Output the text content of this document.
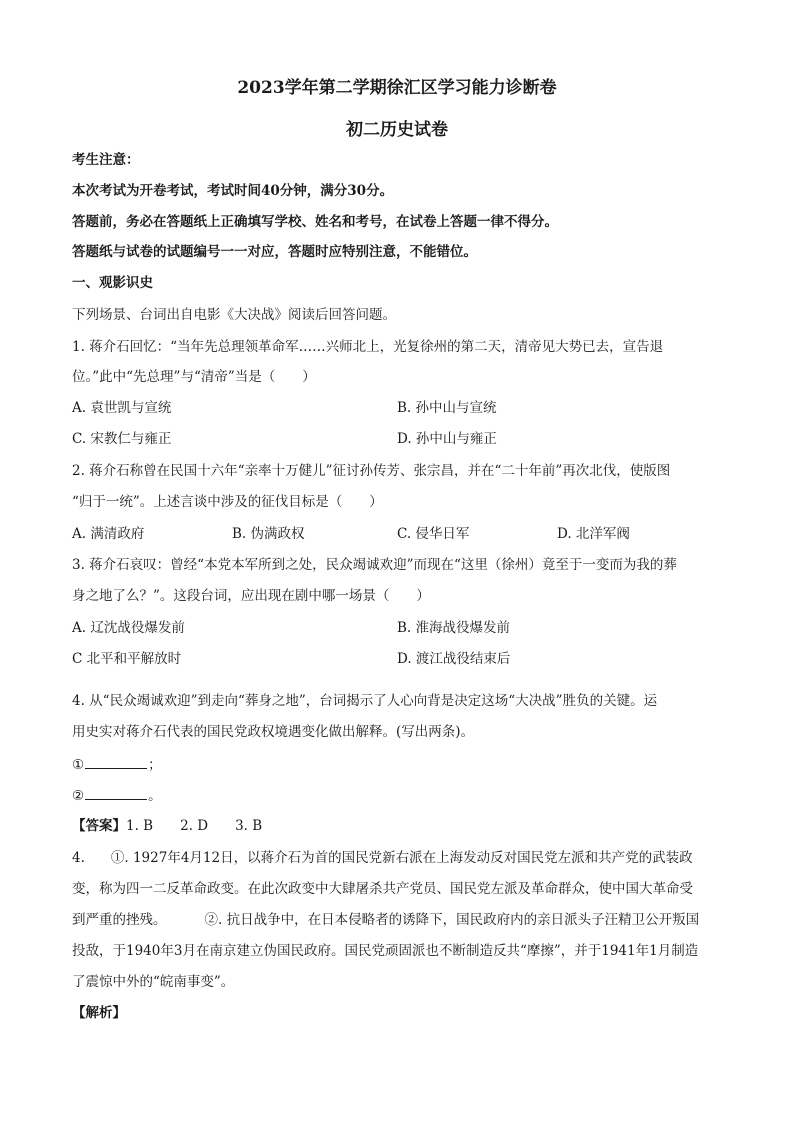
2023学年第二学期徐汇区学习能力诊断卷
初二历史试卷
考生注意：
本次考试为开卷考试，考试时间40分钟，满分30分。
答题前，务必在答题纸上正确填写学校、姓名和考号，在试卷上答题一律不得分。
答题纸与试卷的试题编号一一对应，答题时应特别注意，不能错位。
一、观影识史
下列场景、台词出自电影《大决战》阅读后回答问题。
1. 蒋介石回忆：“当年先总理领革命军……兴师北上，光复徐州的第二天，清帝见大势已去，宣告退
位。”此中“先总理”与“清帝”当是（　　）
A. 袁世凯与宣统	B. 孙中山与宣统
C. 宋教仁与雍正	D. 孙中山与雍正
2. 蒋介石称曾在民国十六年“亲率十万健儿”征讨孙传芳、张宗昌，并在“二十年前”再次北伐，使版图
“归于一统”。上述言谈中涉及的征伐目标是（　　）
A. 满清政府	B. 伪满政权	C. 侵华日军	D. 北洋军阀
3. 蒋介石哀叹：曾经“本党本军所到之处，民众竭诚欢迎”而现在“这里（徐州）竟至于一变而为我的葬
身之地了么？”。这段台词，应出现在剧中哪一场景（　　）
A. 辽沈战役爆发前	B. 淮海战役爆发前
C 北平和平解放时	D. 渡江战役结束后
4. 从“民众竭诚欢迎”到走向“葬身之地”，台词揭示了人心向背是决定这场“大决战”胜负的关键。运
用史实对蒋介石代表的国民党政权境遇变化做出解释。(写出两条)。
①	；
②	。
【答案】1. B　　2. D　　3. B
4. ①. 1927年4月12日，以蒋介石为首的国民党新右派在上海发动反对国民党左派和共产党的武装政
变，称为四一二反革命政变。在此次政变中大肆屠杀共产党员、国民党左派及革命群众，使中国大革命受
到严重的挫残。	②. 抗日战争中，在日本侵略者的诱降下，国民政府内的亲日派头子汪精卫公开叛国
投敌，于1940年3月在南京建立伪国民政府。国民党顽固派也不断制造反共“摩擦”，并于1941年1月制造
了震惊中外的“皖南事变”。
【解析】
